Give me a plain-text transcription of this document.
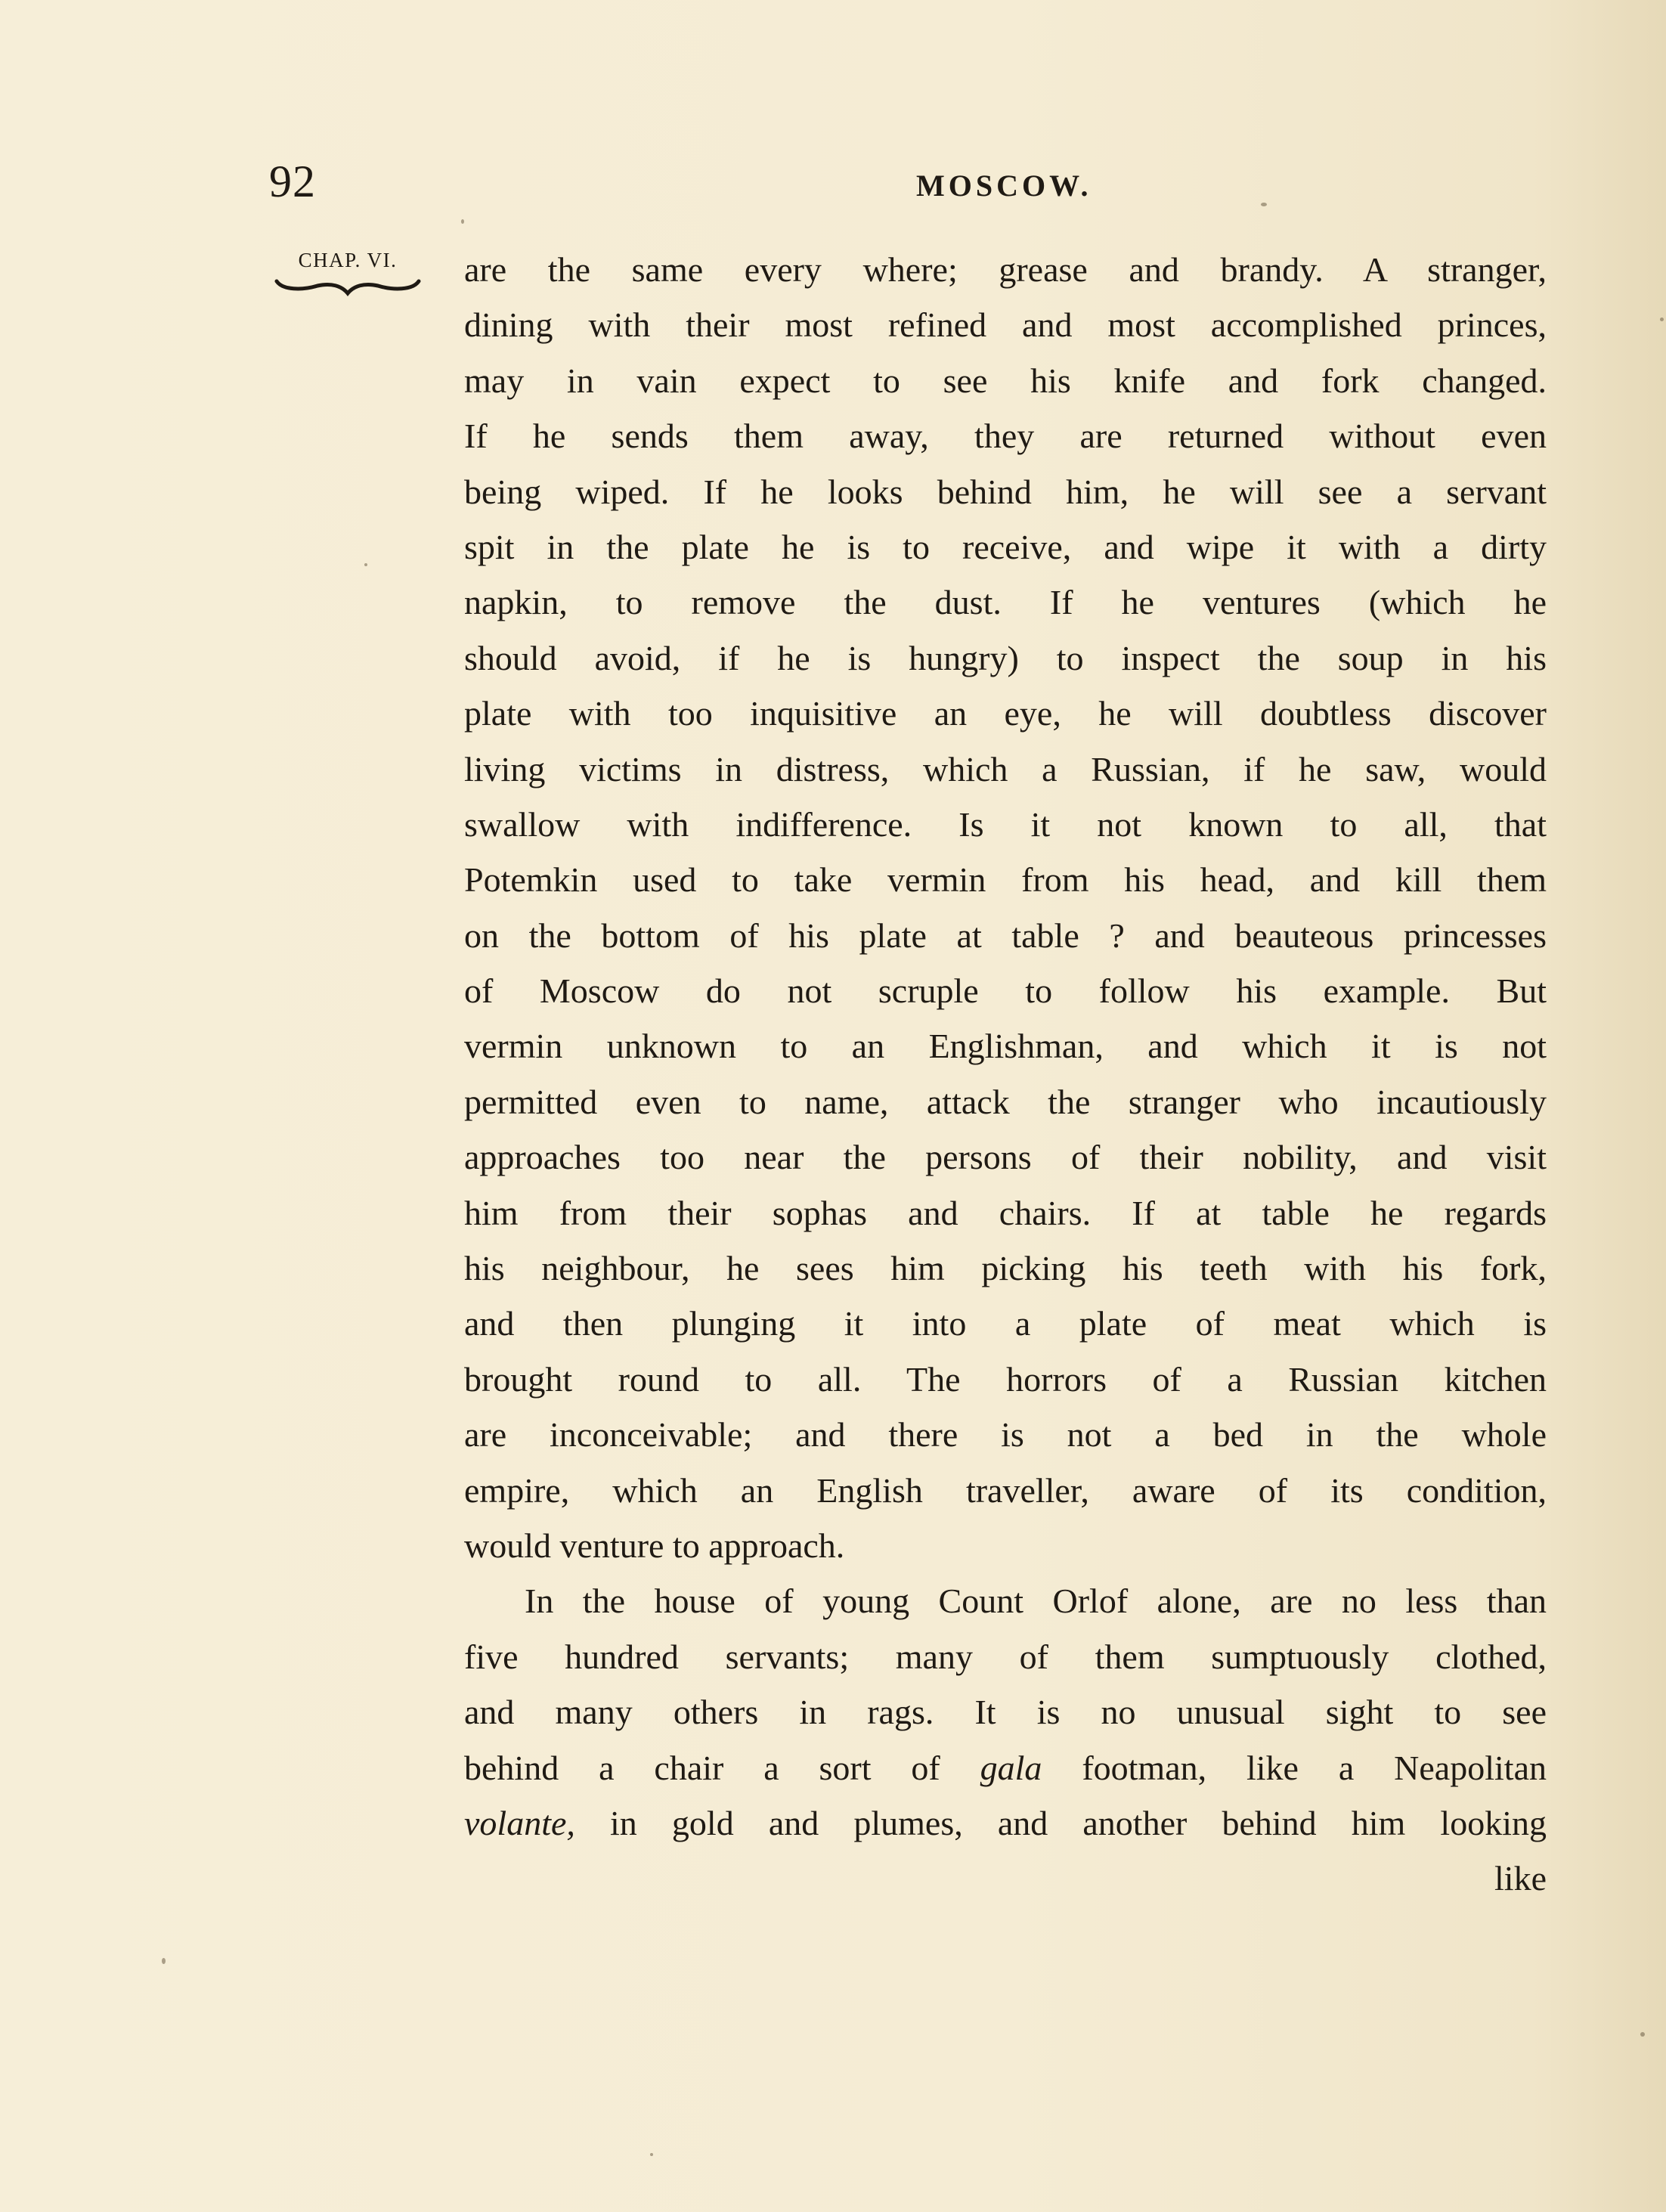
92	MOSCOW.
CHAP. VI.	are the same every where; grease and brandy. A stranger,
dining with their most refined and most accomplished princes,
may in vain expect to see his knife and fork changed.
If he sends them away, they are returned without even
being wiped. If he looks behind him, he will see a servant
spit in the plate he is to receive, and wipe it with a dirty
napkin, to remove the dust. If he ventures (which he
should avoid, if he is hungry) to inspect the soup in his
plate with too inquisitive an eye, he will doubtless discover
living victims in distress, which a Russian, if he saw, would
swallow with indifference. Is it not known to all, that
Potemkin used to take vermin from his head, and kill them
on the bottom of his plate at table ? and beauteous princesses
of Moscow do not scruple to follow his example. But
vermin unknown to an Englishman, and which it is not
permitted even to name, attack the stranger who incautiously
approaches too near the persons of their nobility, and visit
him from their sophas and chairs. If at table he regards
his neighbour, he sees him picking his teeth with his fork,
and then plunging it into a plate of meat which is
brought round to all. The horrors of a Russian kitchen
are inconceivable; and there is not a bed in the whole
empire, which an English traveller, aware of its condition,
would venture to approach.
In the house of young Count Orlof alone, are no less than
five hundred servants; many of them sumptuously clothed,
and many others in rags. It is no unusual sight to see
behind a chair a sort of gala footman, like a Neapolitan
volante, in gold and plumes, and another behind him looking
like
